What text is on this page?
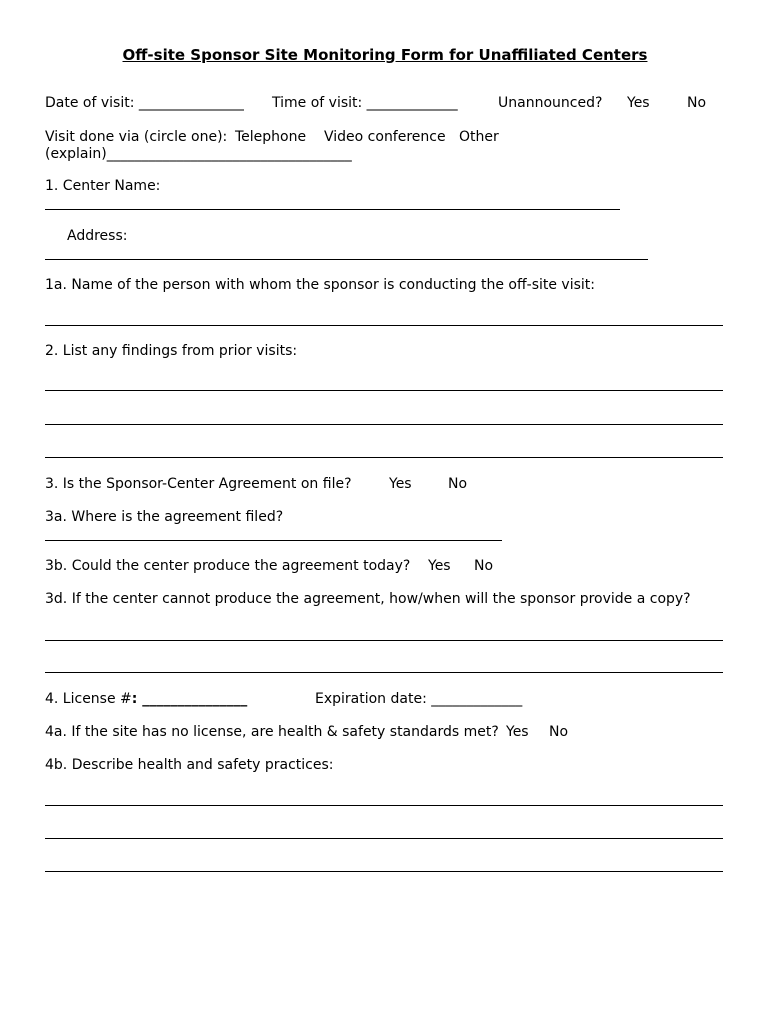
Off-site Sponsor Site Monitoring Form for Unaffiliated Centers
Date of visit: _______________ Time of visit: _____________	Unannounced? Yes	No
Visit done via (circle one): Telephone Video conference Other
(explain)___________________________________
1. Center Name:
Address:
1a. Name of the person with whom the sponsor is conducting the off-site visit:
2. List any findings from prior visits:
3. Is the Sponsor-Center Agreement on file?	Yes	No
3a. Where is the agreement filed?
3b. Could the center produce the agreement today? Yes No
3d. If the center cannot produce the agreement, how/when will the sponsor provide a copy?
4. License #: _______________	Expiration date: _____________
4a. If the site has no license, are health & safety standards met? Yes No
4b. Describe health and safety practices:
